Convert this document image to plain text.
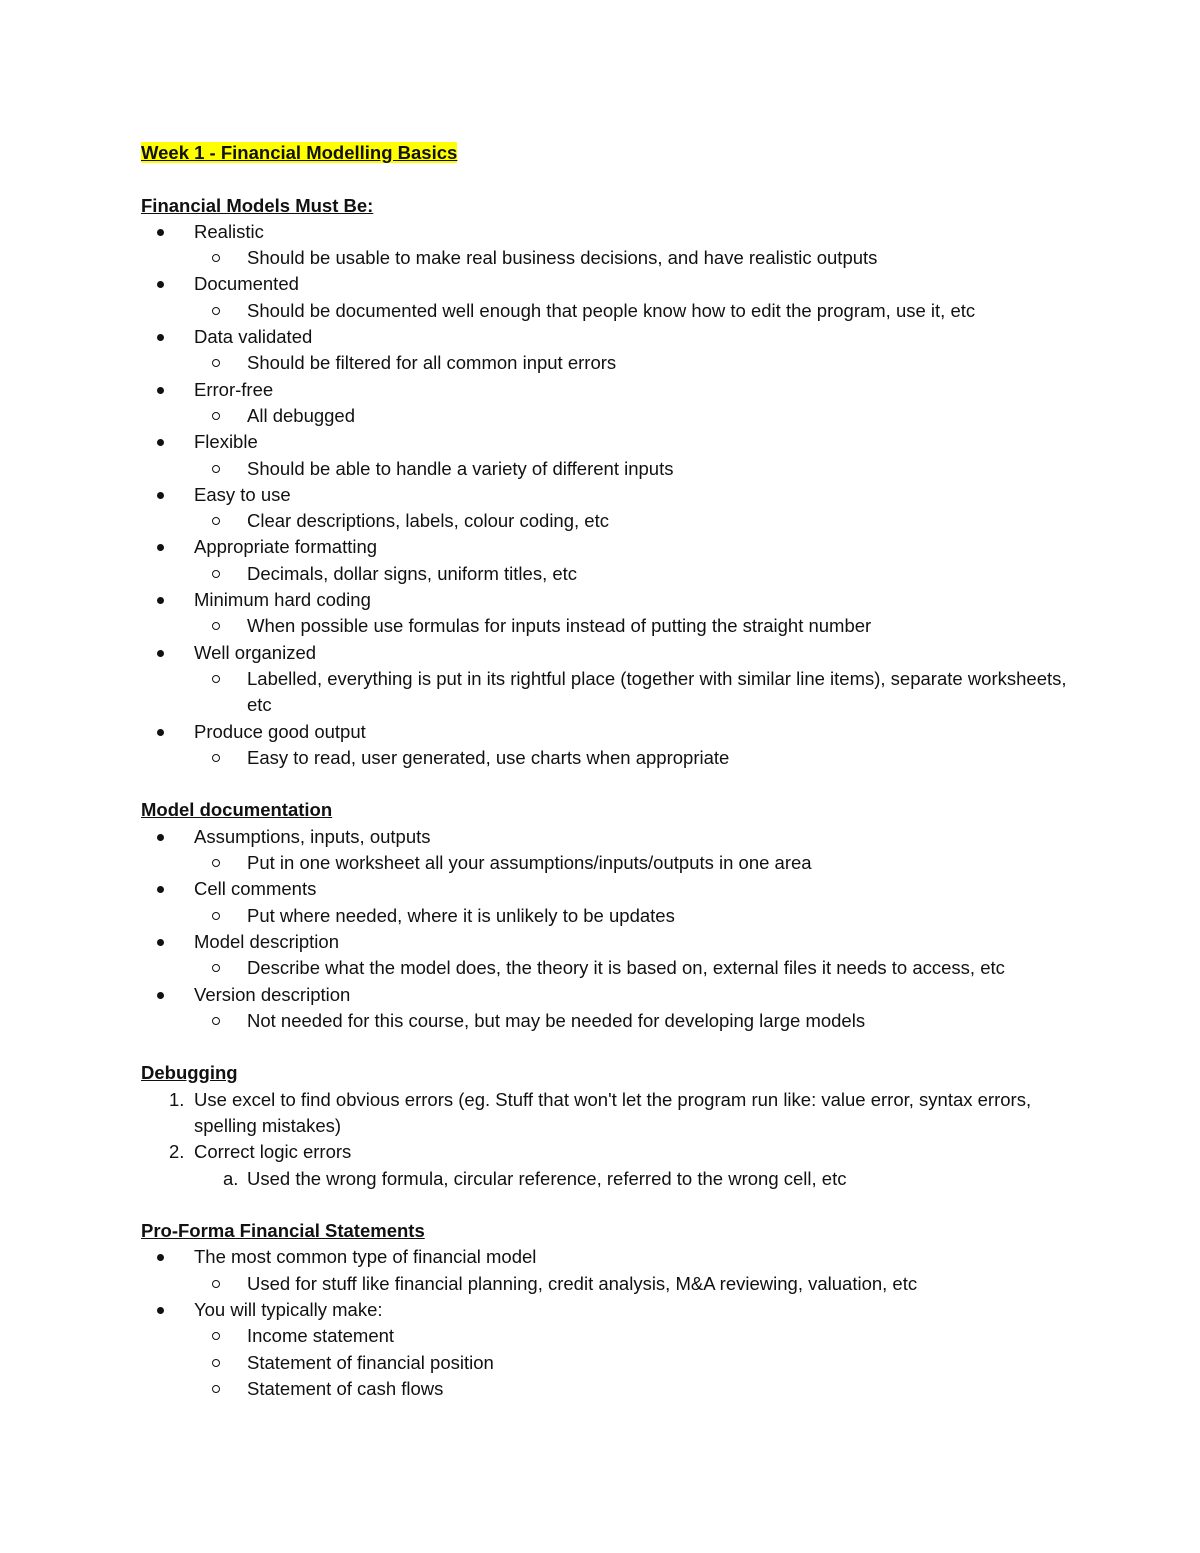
Week 1 - Financial Modelling Basics
Financial Models Must Be:
Realistic
Should be usable to make real business decisions, and have realistic outputs
Documented
Should be documented well enough that people know how to edit the program, use it, etc
Data validated
Should be filtered for all common input errors
Error-free
All debugged
Flexible
Should be able to handle a variety of different inputs
Easy to use
Clear descriptions, labels, colour coding, etc
Appropriate formatting
Decimals, dollar signs, uniform titles, etc
Minimum hard coding
When possible use formulas for inputs instead of putting the straight number
Well organized
Labelled, everything is put in its rightful place (together with similar line items), separate worksheets, etc
Produce good output
Easy to read, user generated, use charts when appropriate
Model documentation
Assumptions, inputs, outputs
Put in one worksheet all your assumptions/inputs/outputs in one area
Cell comments
Put where needed, where it is unlikely to be updates
Model description
Describe what the model does, the theory it is based on, external files it needs to access, etc
Version description
Not needed for this course, but may be needed for developing large models
Debugging
1. Use excel to find obvious errors (eg. Stuff that won't let the program run like: value error, syntax errors, spelling mistakes)
2. Correct logic errors
a. Used the wrong formula, circular reference, referred to the wrong cell, etc
Pro-Forma Financial Statements
The most common type of financial model
Used for stuff like financial planning, credit analysis, M&A reviewing, valuation, etc
You will typically make:
Income statement
Statement of financial position
Statement of cash flows
